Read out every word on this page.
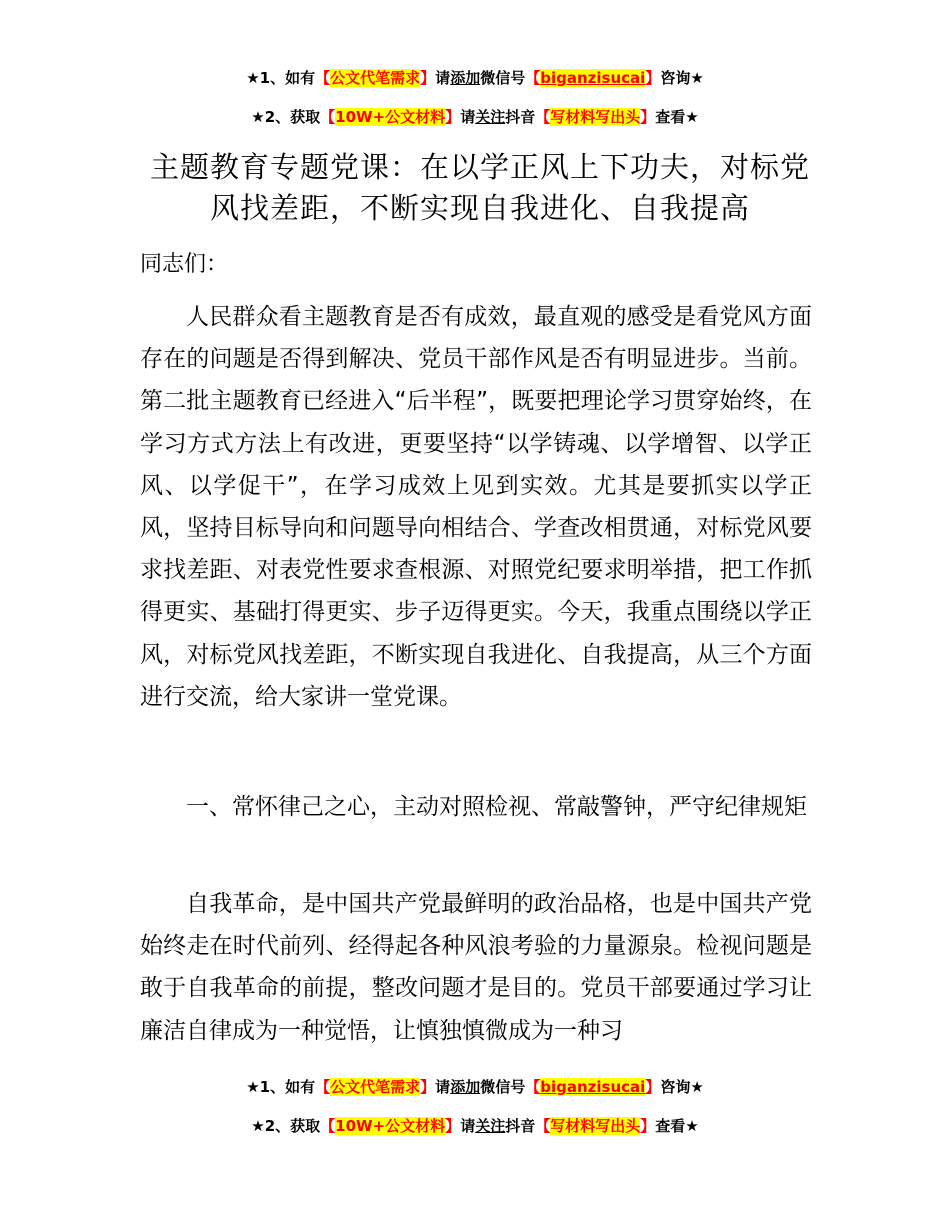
★1、如有【公文代笔需求】请添加微信号【biganzisucai】咨询★
★2、获取【10W+公文材料】请关注抖音【写材料写出头】查看★
主题教育专题党课：在以学正风上下功夫，对标党风找差距，不断实现自我进化、自我提高

同志们：

人民群众看主题教育是否有成效，最直观的感受是看党风方面存在的问题是否得到解决、党员干部作风是否有明显进步。当前。第二批主题教育已经进入“后半程”，既要把理论学习贯穿始终，在学习方式方法上有改进，更要坚持“以学铸魂、以学增智、以学正风、以学促干”，在学习成效上见到实效。尤其是要抓实以学正风，坚持目标导向和问题导向相结合、学查改相贯通，对标党风要求找差距、对表党性要求查根源、对照党纪要求明举措，把工作抓得更实、基础打得更实、步子迈得更实。今天，我重点围绕以学正风，对标党风找差距，不断实现自我进化、自我提高，从三个方面进行交流，给大家讲一堂党课。

一、常怀律己之心，主动对照检视、常敲警钟，严守纪律规矩

自我革命，是中国共产党最鲜明的政治品格，也是中国共产党始终走在时代前列、经得起各种风浪考验的力量源泉。检视问题是敢于自我革命的前提，整改问题才是目的。党员干部要通过学习让廉洁自律成为一种觉悟，让慎独慎微成为一种习

★1、如有【公文代笔需求】请添加微信号【biganzisucai】咨询★
★2、获取【10W+公文材料】请关注抖音【写材料写出头】查看★
